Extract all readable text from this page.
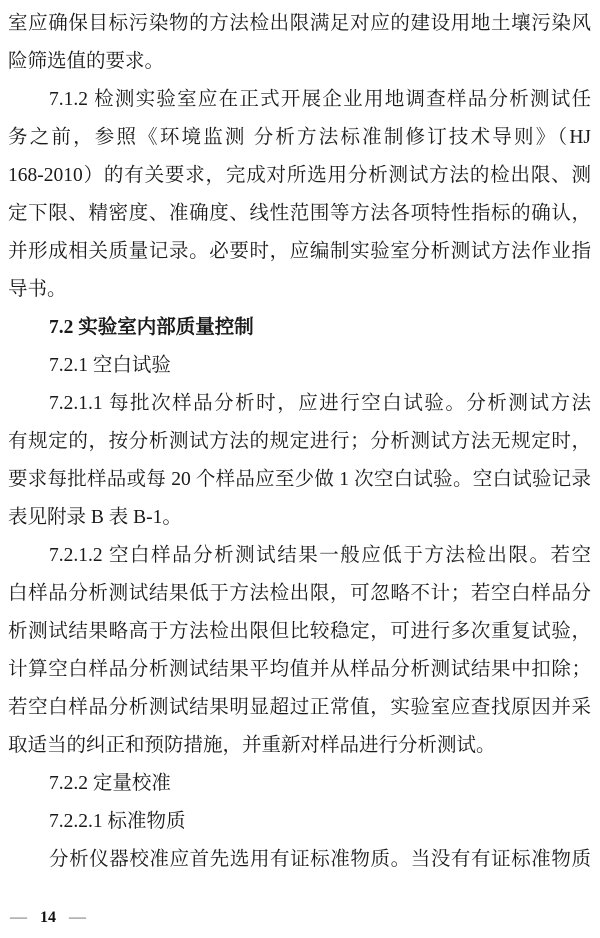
室应确保目标污染物的方法检出限满足对应的建设用地土壤污染风
险筛选值的要求。
7.1.2 检测实验室应在正式开展企业用地调查样品分析测试任
务之前，参照《环境监测 分析方法标准制修订技术导则》（HJ
168-2010）的有关要求，完成对所选用分析测试方法的检出限、测
定下限、精密度、准确度、线性范围等方法各项特性指标的确认，
并形成相关质量记录。必要时，应编制实验室分析测试方法作业指
导书。
7.2 实验室内部质量控制
7.2.1 空白试验
7.2.1.1 每批次样品分析时，应进行空白试验。分析测试方法
有规定的，按分析测试方法的规定进行；分析测试方法无规定时，
要求每批样品或每 20 个样品应至少做 1 次空白试验。空白试验记录
表见附录 B 表 B-1。
7.2.1.2 空白样品分析测试结果一般应低于方法检出限。若空
白样品分析测试结果低于方法检出限，可忽略不计；若空白样品分
析测试结果略高于方法检出限但比较稳定，可进行多次重复试验，
计算空白样品分析测试结果平均值并从样品分析测试结果中扣除；
若空白样品分析测试结果明显超过正常值，实验室应查找原因并采
取适当的纠正和预防措施，并重新对样品进行分析测试。
7.2.2 定量校准
7.2.2.1 标准物质
分析仪器校准应首先选用有证标准物质。当没有有证标准物质
— 14 —
